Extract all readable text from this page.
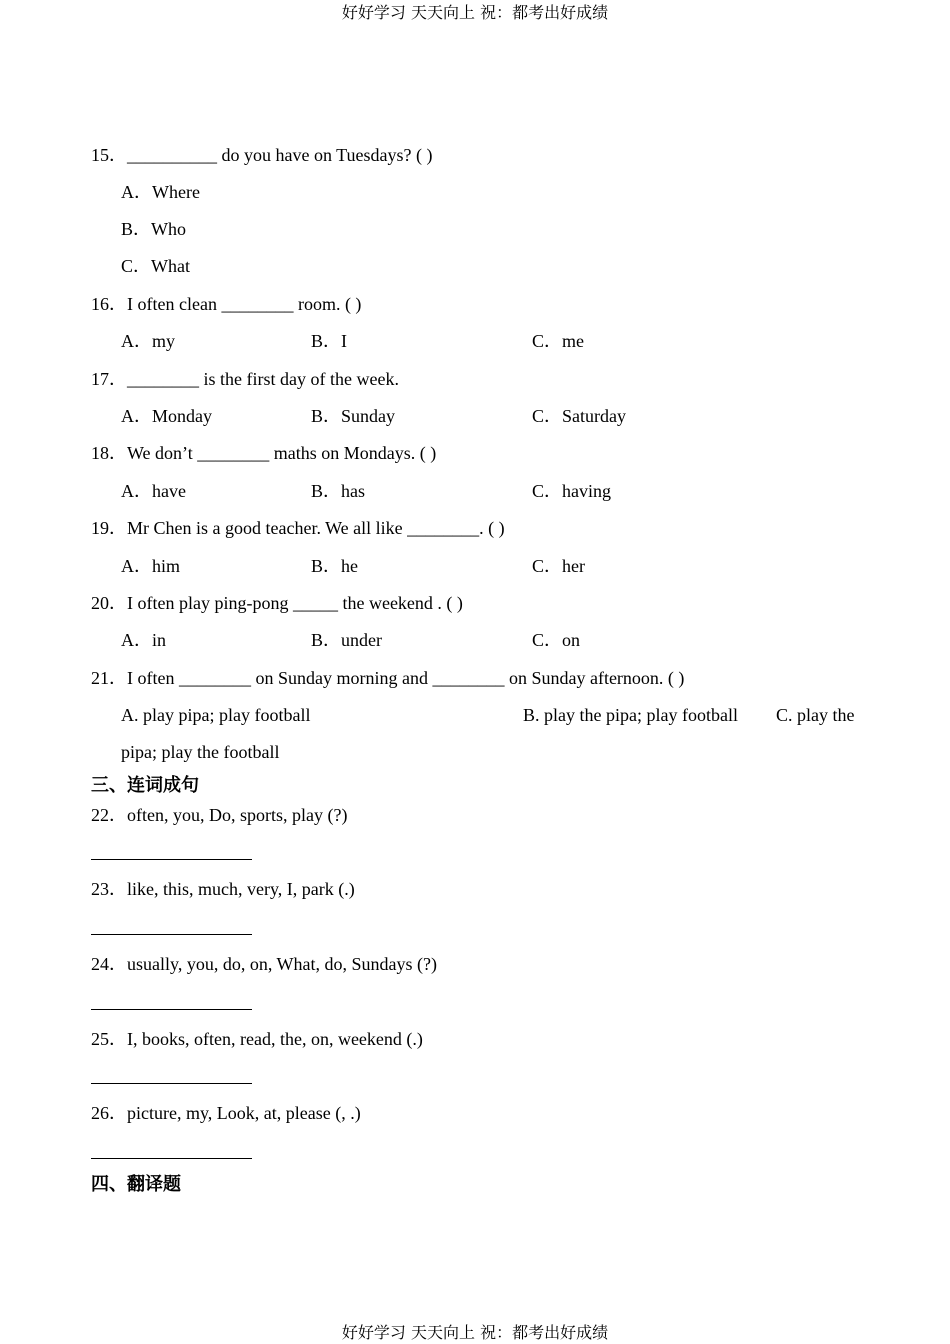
好好学习 天天向上 祝：都考出好成绩
15．__________ do you have on Tuesdays? ( )
A．Where
B．Who
C．What
16．I often clean ________ room. ( )
A．my	B．I	C．me
17．________ is the first day of the week.
A．Monday	B．Sunday	C．Saturday
18．We don’t ________ maths on Mondays. ( )
A．have	B．has	C．having
19．Mr Chen is a good teacher. We all like ________. ( )
A．him	B．he	C．her
20．I often play ping-pong _____ the weekend . ( )
A．in	B．under	C．on
21．I often ________ on Sunday morning and ________ on Sunday afternoon. ( )
A. play pipa; play football	B. play the pipa; play football C. play the
pipa; play the football
三、连词成句
22．often, you, Do, sports, play (?)
23．like, this, much, very, I, park (.)
24．usually, you, do, on, What, do, Sundays (?)
25．I, books, often, read, the, on, weekend (.)
26．picture, my, Look, at, please (, .)
四、翻译题
好好学习 天天向上 祝：都考出好成绩
